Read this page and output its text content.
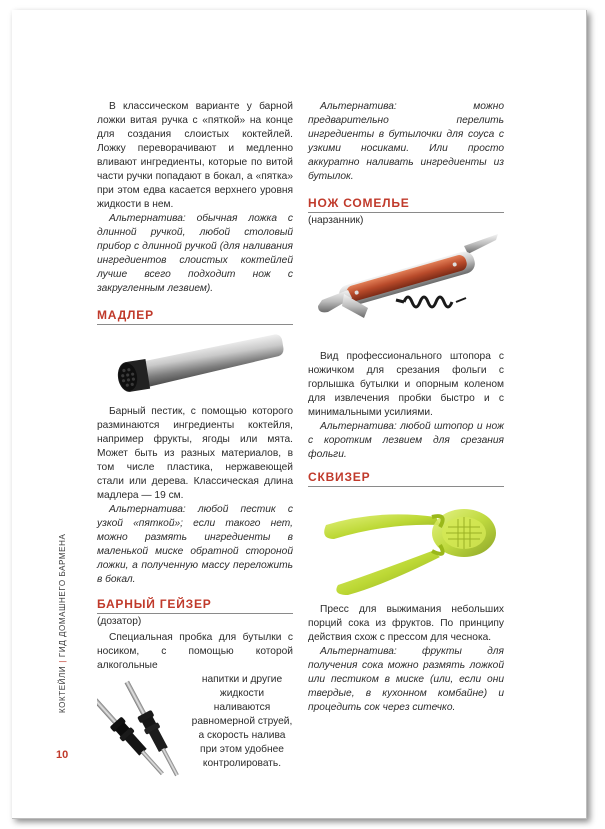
В классическом варианте у барной ложки витая ручка с «пяткой» на конце для создания слоистых коктейлей. Ложку переворачивают и медленно вливают ингредиенты, которые по витой части ручки попадают в бокал, а «пятка» при этом едва касается верхнего уровня жидкости в нем.

Альтернатива: обычная ложка с длинной ручкой, любой столовый прибор с длинной ручкой (для наливания ингредиентов слоистых коктейлей лучше всего подходит нож с закругленным лезвием).

МАДЛЕР

Барный пестик, с помощью которого разминаются ингредиенты коктейля, например фрукты, ягоды или мята. Может быть из разных материалов, в том числе пластика, нержавеющей стали или дерева. Классическая длина мадлера — 19 см.

Альтернатива: любой пестик с узкой «пяткой»; если такого нет, можно размять ингредиенты в маленькой миске обратной стороной ложки, а полученную массу переложить в бокал.

БАРНЫЙ ГЕЙЗЕР
(дозатор)

Специальная пробка для бутылки с носиком, с помощью которой алкогольные

напитки и другие жидкости наливаются равномерной струей, а скорость налива при этом удобнее контролировать.

Альтернатива: можно предварительно перелить ингредиенты в бутылочки для соуса с узкими носиками. Или просто аккуратно наливать ингредиенты из бутылок.

НОЖ СОМЕЛЬЕ
(нарзанник)

Вид профессионального штопора с ножичком для срезания фольги с горлышка бутылки и опорным коленом для извлечения пробки быстро и с минимальными усилиями.

Альтернатива: любой штопор и нож с коротким лезвием для срезания фольги.

СКВИЗЕР

Пресс для выжимания небольших порций сока из фруктов. По принципу действия схож с прессом для чеснока.

Альтернатива: фрукты для получения сока можно размять ложкой или пестиком в миске (или, если они твердые, в кухонном комбайне) и процедить сок через ситечко.

КОКТЕЙЛИ|ГИД ДОМАШНЕГО БАРМЕНА
10
